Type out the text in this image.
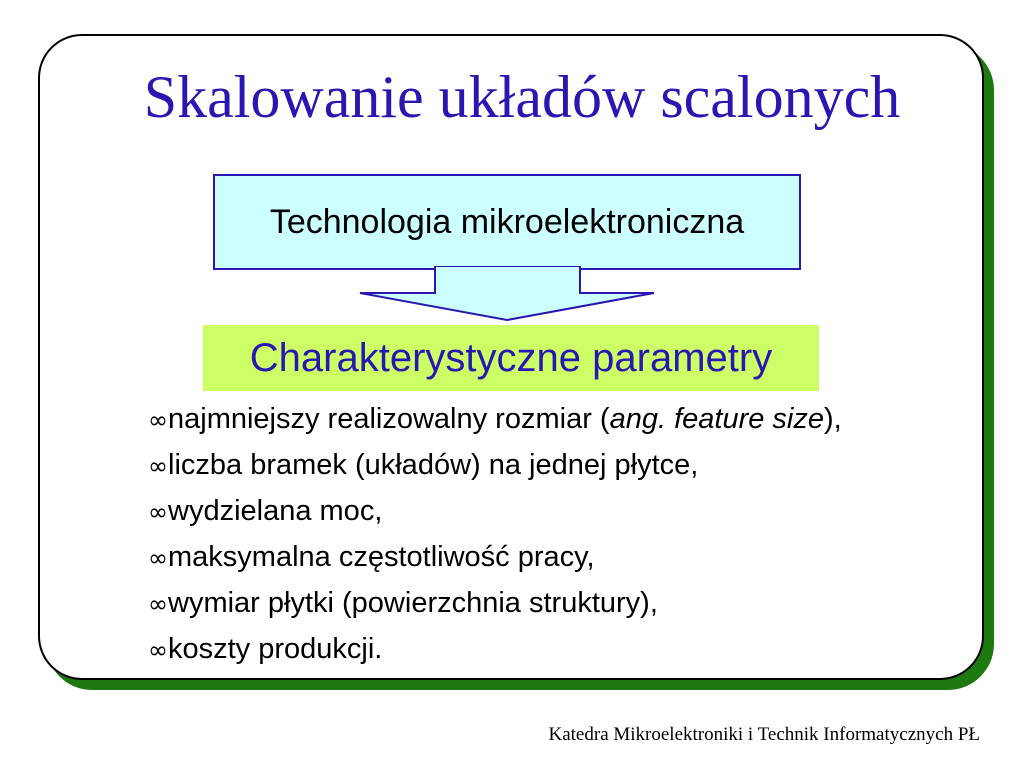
Skalowanie układów scalonych
Technologia mikroelektroniczna
Charakterystyczne parametry
∞najmniejszy realizowalny rozmiar (ang. feature size),
∞liczba bramek (układów) na jednej płytce,
∞wydzielana moc,
∞maksymalna częstotliwość pracy,
∞wymiar płytki (powierzchnia struktury),
∞koszty produkcji.
Katedra Mikroelektroniki i Technik Informatycznych PŁ
